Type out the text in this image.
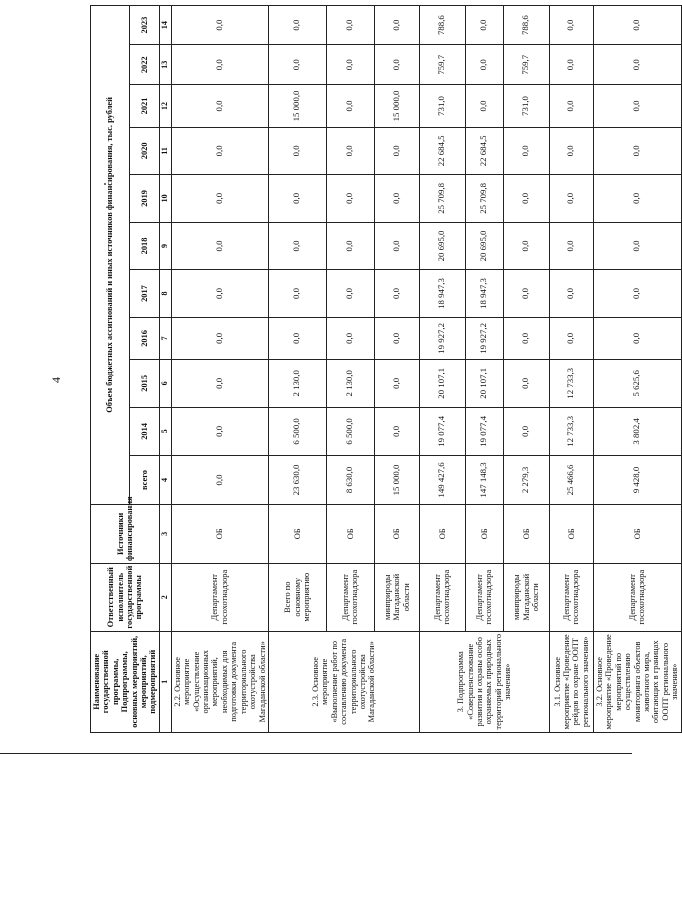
4
Наименование государственной программы, Подпрограммы, основных мероприятий, мероприятий, подмероприятий	Ответственный исполнитель государственной программы	Источники финансирования	Объем бюджетных ассигнований и иных источников финансирования, тыс. рублей										
			всего	2014	2015	2016	2017	2018	2019	2020	2021	2022	2023
1	2	3	4	5	6	7	8	9	10	11	12	13	14
2.2. Основное мероприятие «Осуществление организационных мероприятий, необходимых для подготовки документа территориального охотустройства Магаданской области»	Департамент госохотнадзора	ОБ	0,0	0,0	0,0	0,0	0,0	0,0	0,0	0,0	0,0	0,0	0,0
2.3. Основное мероприятие «Выполнение работ по составлению документа территориального охотустройства Магаданской области»	Всего по основному мероприятию	ОБ	23 630,0	6 500,0	2 130,0	0,0	0,0	0,0	0,0	0,0	15 000,0	0,0	0,0
	Департамент госохотнадзора	ОБ	8 630,0	6 500,0	2 130,0	0,0	0,0	0,0	0,0	0,0	0,0	0,0	0,0
	минприроды Магаданской области	ОБ	15 000,0	0,0	0,0	0,0	0,0	0,0	0,0	0,0	15 000,0	0,0	0,0
3. Подпрограмма «Совершенствование развития и охраны особо охраняемых природных территорий регионального значения»	Департамент госохотнадзора	ОБ	149 427,6	19 077,4	20 107,1	19 927,2	18 947,3	20 695,0	25 709,8	22 684,5	731,0	759,7	788,6
	Департамент госохотнадзора	ОБ	147 148,3	19 077,4	20 107,1	19 927,2	18 947,3	20 695,0	25 709,8	22 684,5	0,0	0,0	0,0
	минприроды Магаданской области	ОБ	2 279,3	0,0	0,0	0,0	0,0	0,0	0,0	0,0	731,0	759,7	788,6
3.1. Основное мероприятие «Проведение рейдов по охране ООПТ регионального значения»	Департамент госохотнадзора	ОБ	25 466,6	12 733,3	12 733,3	0,0	0,0	0,0	0,0	0,0	0,0	0,0	0,0
3.2. Основное мероприятие «Проведение мероприятий по осуществлению мониторинга объектов животного мира, обитающих в границах ООПТ регионального значения»	Департамент госохотнадзора	ОБ	9 428,0	3 802,4	5 625,6	0,0	0,0	0,0	0,0	0,0	0,0	0,0	0,0
